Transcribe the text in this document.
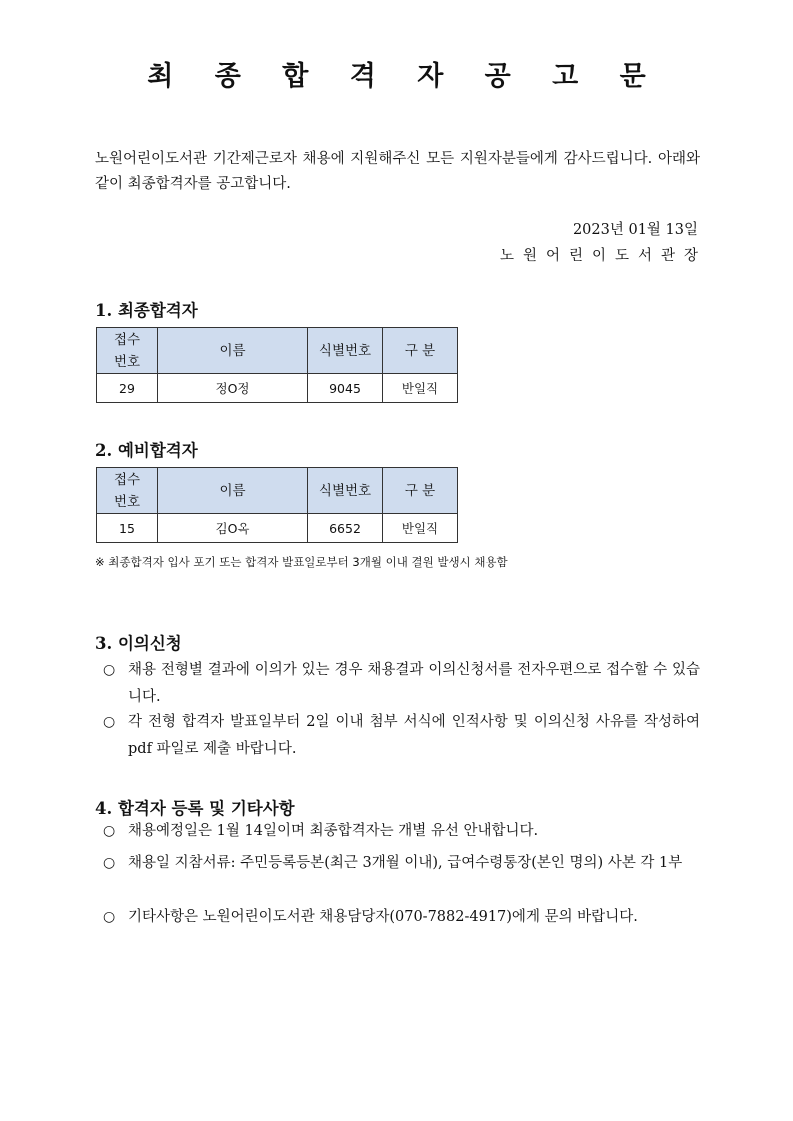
최 종 합 격 자 공 고 문
노원어린이도서관 기간제근로자 채용에 지원해주신 모든 지원자분들에게 감사드립니다. 아래와 같이 최종합격자를 공고합니다.
2023년 01월 13일
노원어린이도서관장
1. 최종합격자
접수
번호	이름	식별번호	구 분
29	정O정	9045	반일직
2. 예비합격자
접수
번호	이름	식별번호	구 분
15	김O옥	6652	반일직
※ 최종합격자 입사 포기 또는 합격자 발표일로부터 3개월 이내 결원 발생시 채용함
3. 이의신청
○ 채용 전형별 결과에 이의가 있는 경우 채용결과 이의신청서를 전자우편으로 접수할 수 있습니다.
○ 각 전형 합격자 발표일부터 2일 이내 첨부 서식에 인적사항 및 이의신청 사유를 작성하여 pdf 파일로 제출 바랍니다.
4. 합격자 등록 및 기타사항
○ 채용예정일은 1월 14일이며 최종합격자는 개별 유선 안내합니다.
○ 채용일 지참서류: 주민등록등본(최근 3개월 이내), 급여수령통장(본인 명의) 사본 각 1부
○ 기타사항은 노원어린이도서관 채용담당자(070-7882-4917)에게 문의 바랍니다.
